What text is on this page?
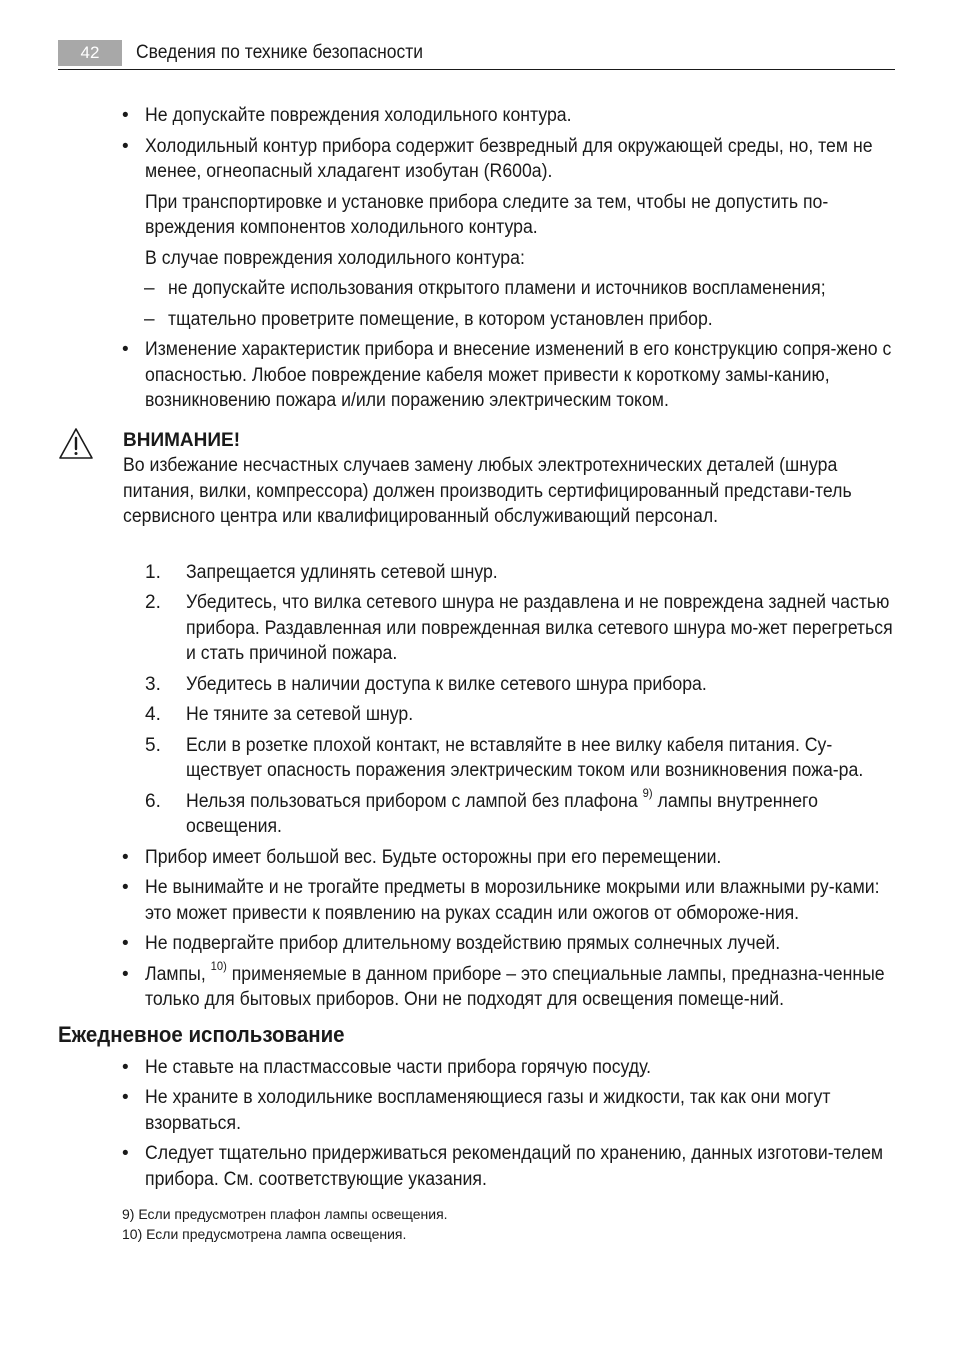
42	Сведения по технике безопасности
• Не допускайте повреждения холодильного контура.
• Холодильный контур прибора содержит безвредный для окружающей среды, но, тем не менее, огнеопасный хладагент изобутан (R600a).
При транспортировке и установке прибора следите за тем, чтобы не допустить по-вреждения компонентов холодильного контура.
В случае повреждения холодильного контура:
– не допускайте использования открытого пламени и источников воспламенения;
– тщательно проветрите помещение, в котором установлен прибор.
• Изменение характеристик прибора и внесение изменений в его конструкцию сопря-жено с опасностью. Любое повреждение кабеля может привести к короткому замы-канию, возникновению пожара и/или поражению электрическим током.
ВНИМАНИЕ!
Во избежание несчастных случаев замену любых электротехнических деталей (шнура питания, вилки, компрессора) должен производить сертифицированный представи-тель сервисного центра или квалифицированный обслуживающий персонал.
1. Запрещается удлинять сетевой шнур.
2. Убедитесь, что вилка сетевого шнура не раздавлена и не повреждена задней частью прибора. Раздавленная или поврежденная вилка сетевого шнура мо-жет перегреться и стать причиной пожара.
3. Убедитесь в наличии доступа к вилке сетевого шнура прибора.
4. Не тяните за сетевой шнур.
5. Если в розетке плохой контакт, не вставляйте в нее вилку кабеля питания. Су-ществует опасность поражения электрическим током или возникновения пожа-ра.
6. Нельзя пользоваться прибором с лампой без плафона $^{9)}$ лампы внутреннего освещения.
• Прибор имеет большой вес. Будьте осторожны при его перемещении.
• Не вынимайте и не трогайте предметы в морозильнике мокрыми или влажными ру-ками: это может привести к появлению на руках ссадин или ожогов от обмороже-ния.
• Не подвергайте прибор длительному воздействию прямых солнечных лучей.
• Лампы, $^{10)}$ применяемые в данном приборе – это специальные лампы, предназна-ченные только для бытовых приборов. Они не подходят для освещения помеще-ний.
Ежедневное использование
• Не ставьте на пластмассовые части прибора горячую посуду.
• Не храните в холодильнике воспламеняющиеся газы и жидкости, так как они могут взорваться.
• Следует тщательно придерживаться рекомендаций по хранению, данных изготови-телем прибора. См. соответствующие указания.
9) Если предусмотрен плафон лампы освещения.
10) Если предусмотрена лампа освещения.
